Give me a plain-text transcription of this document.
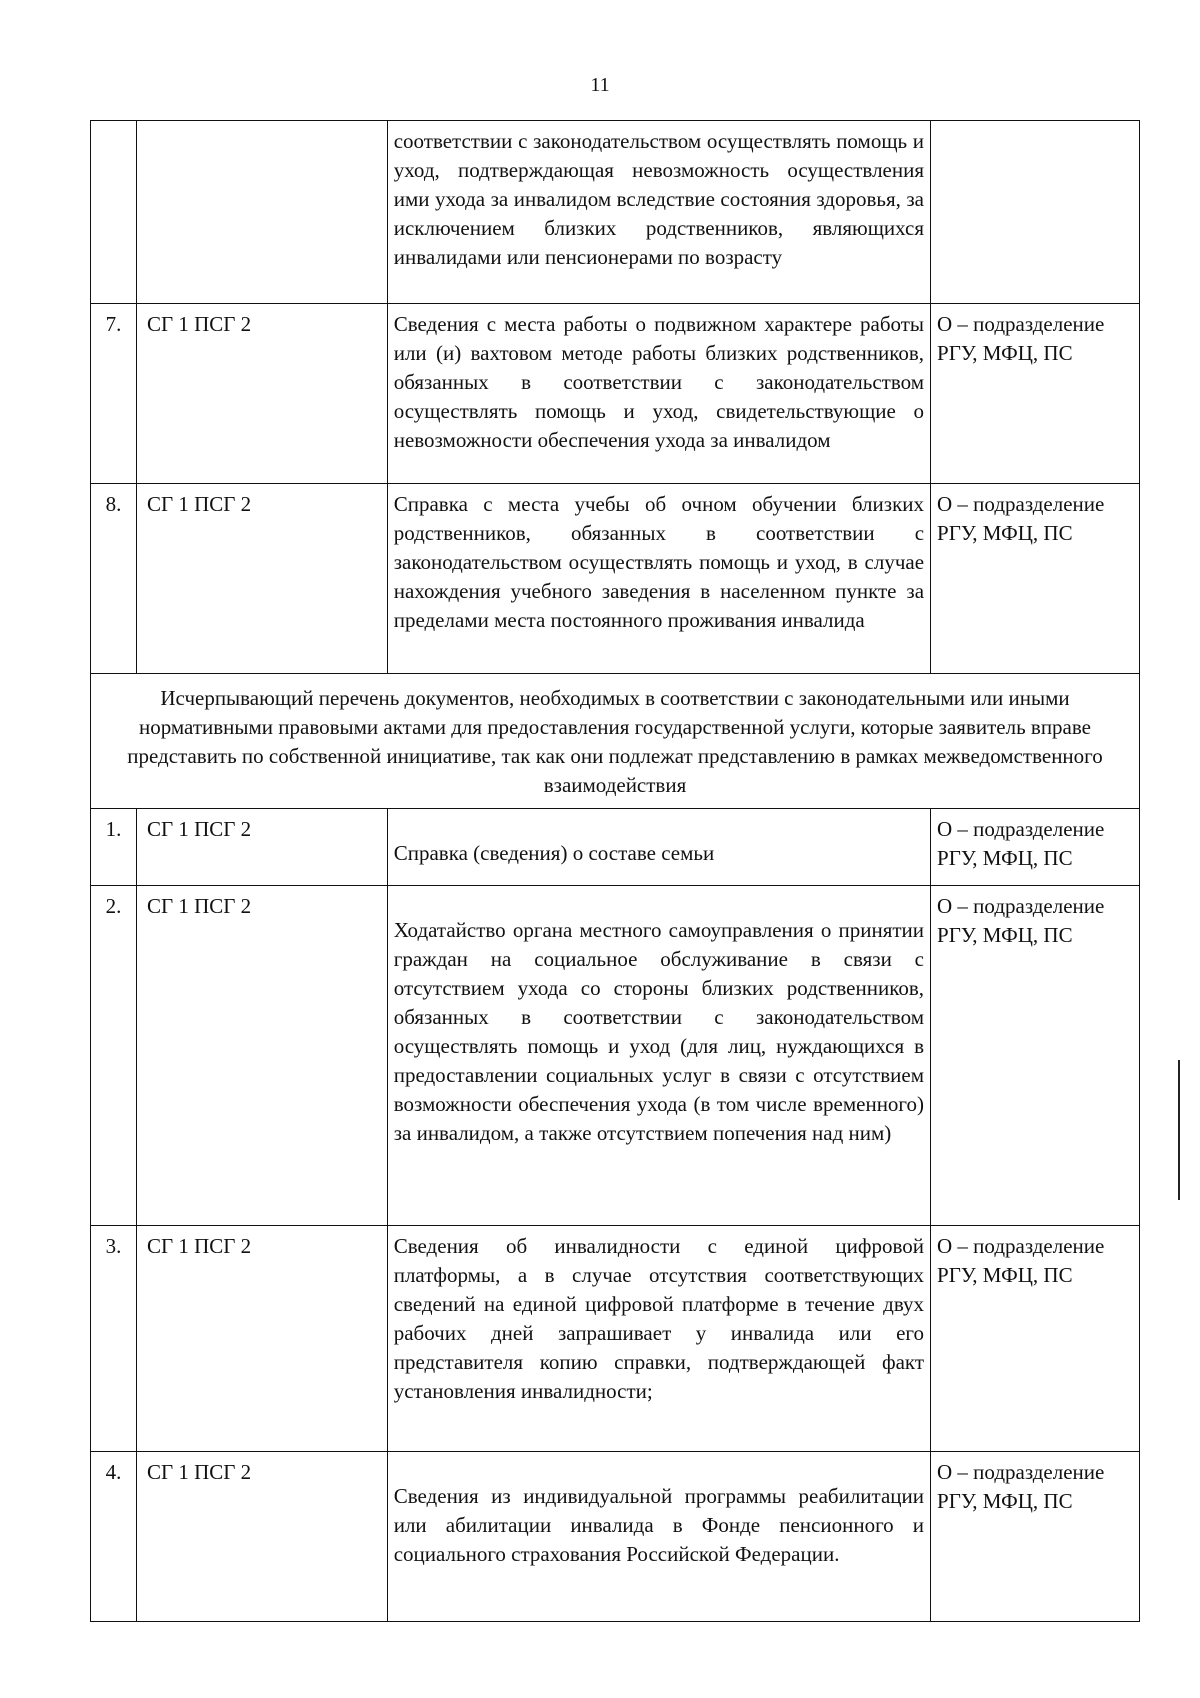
11
		соответствии с законодательством осуществлять помощь и уход, подтверждающая невозможность осуществления ими ухода за инвалидом вследствие состояния здоровья, за исключением близких родственников, являющихся инвалидами или пенсионерами по возрасту	
7.	СГ 1 ПСГ 2	Сведения с места работы о подвижном характере работы или (и) вахтовом методе работы близких родственников, обязанных в соответствии с законодательством осуществлять помощь и уход, свидетельствующие о невозможности обеспечения ухода за инвалидом	О – подразделение РГУ, МФЦ, ПС
8.	СГ 1 ПСГ 2	Справка с места учебы об очном обучении близких родственников, обязанных в соответствии с законодательством осуществлять помощь и уход, в случае нахождения учебного заведения в населенном пункте за пределами места постоянного проживания инвалида	О – подразделение РГУ, МФЦ, ПС
Исчерпывающий перечень документов, необходимых в соответствии с законодательными или иными нормативными правовыми актами для предоставления государственной услуги, которые заявитель вправе представить по собственной инициативе, так как они подлежат представлению в рамках межведомственного взаимодействия			
1.	СГ 1 ПСГ 2	Справка (сведения) о составе семьи	О – подразделение РГУ, МФЦ, ПС
2.	СГ 1 ПСГ 2	Ходатайство органа местного самоуправления о принятии граждан на социальное обслуживание в связи с отсутствием ухода со стороны близких родственников, обязанных в соответствии с законодательством осуществлять помощь и уход (для лиц, нуждающихся в предоставлении социальных услуг в связи с отсутствием возможности обеспечения ухода (в том числе временного) за инвалидом, а также отсутствием попечения над ним)	О – подразделение РГУ, МФЦ, ПС
3.	СГ 1 ПСГ 2	Сведения об инвалидности с единой цифровой платформы, а в случае отсутствия соответствующих сведений на единой цифровой платформе в течение двух рабочих дней запрашивает у инвалида или его представителя копию справки, подтверждающей факт установления инвалидности;	О – подразделение РГУ, МФЦ, ПС
4.	СГ 1 ПСГ 2	Сведения из индивидуальной программы реабилитации или абилитации инвалида в Фонде пенсионного и социального страхования Российской Федерации.	О – подразделение РГУ, МФЦ, ПС
